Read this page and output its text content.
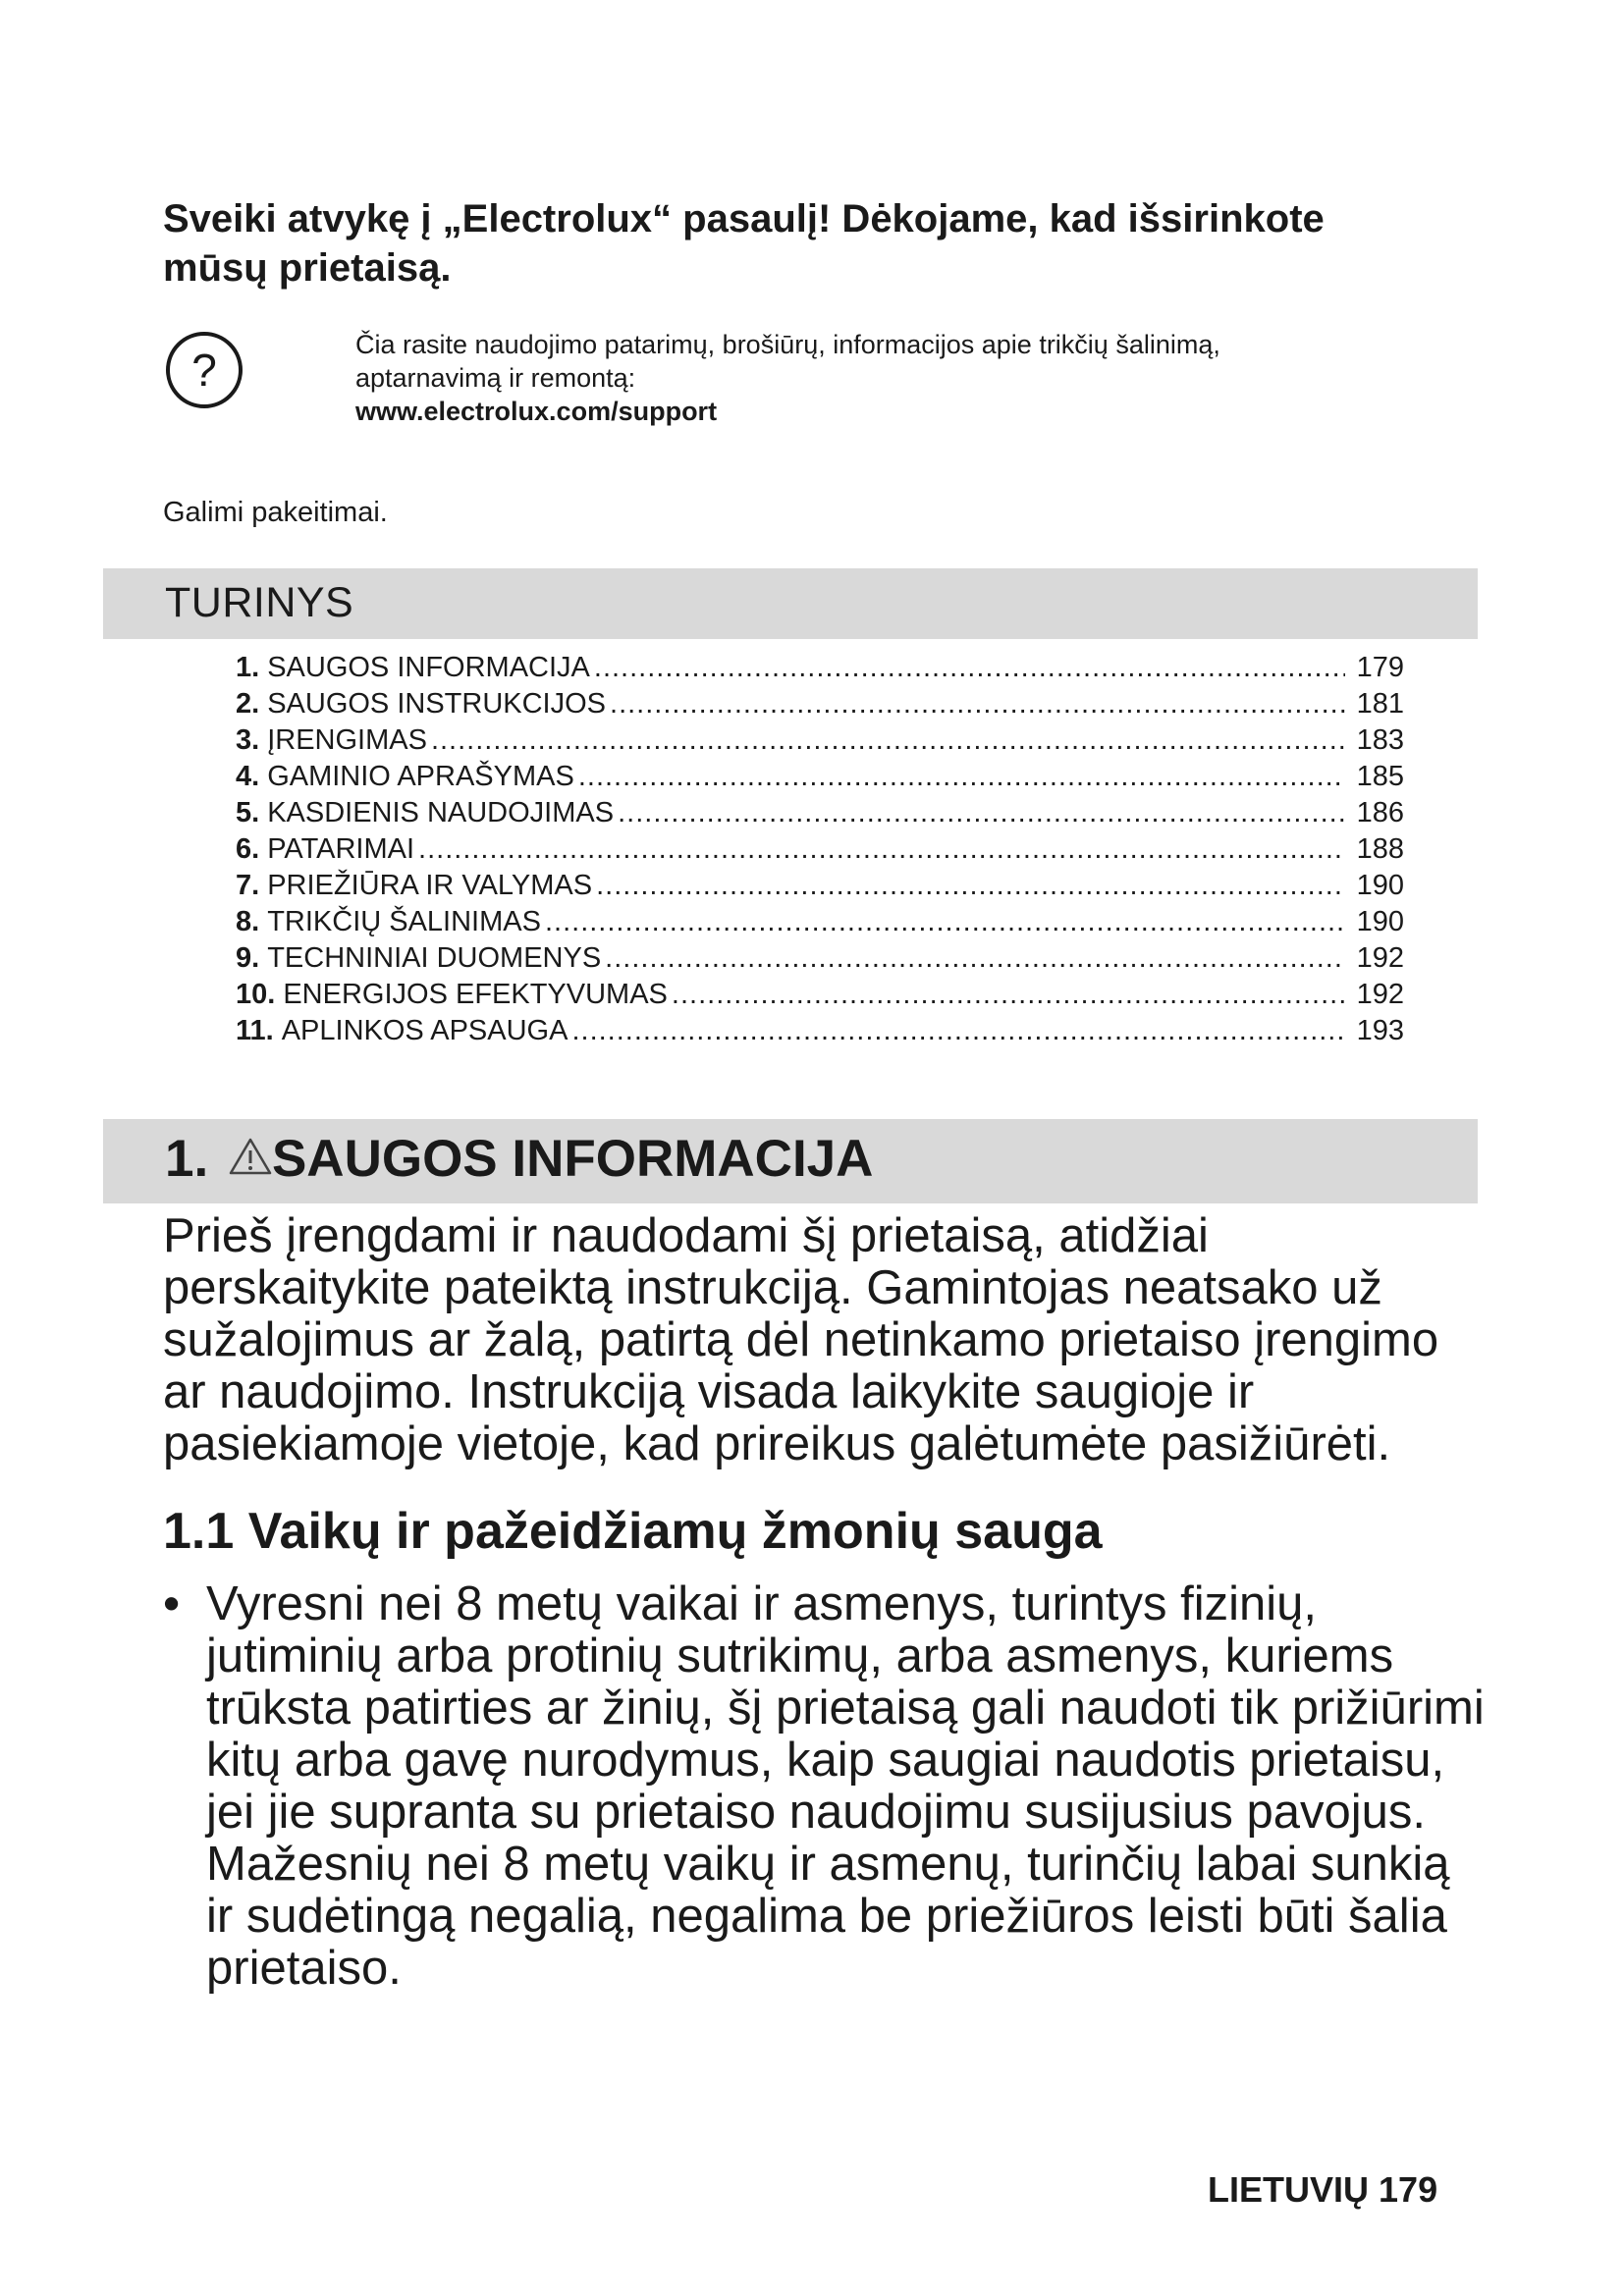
Sveiki atvykę į „Electrolux“ pasaulį! Dėkojame, kad išsirinkote
mūsų prietaisą.
?	Čia rasite naudojimo patarimų, brošiūrų, informacijos apie trikčių šalinimą,
aptarnavimą ir remontą:
www.electrolux.com/support
Galimi pakeitimai.
TURINYS
1. SAUGOS INFORMACIJA .....	179
2. SAUGOS INSTRUKCIJOS .....	181
3. ĮRENGIMAS .....	183
4. GAMINIO APRAŠYMAS .....	185
5. KASDIENIS NAUDOJIMAS .....	186
6. PATARIMAI .....	188
7. PRIEŽIŪRA IR VALYMAS .....	190
8. TRIKČIŲ ŠALINIMAS .....	190
9. TECHNINIAI DUOMENYS .....	192
10. ENERGIJOS EFEKTYVUMAS .....	192
11. APLINKOS APSAUGA .....	193
1. SAUGOS INFORMACIJA

Prieš įrengdami ir naudodami šį prietaisą, atidžiai
perskaitykite pateiktą instrukciją. Gamintojas neatsako už
sužalojimus ar žalą, patirtą dėl netinkamo prietaiso įrengimo
ar naudojimo. Instrukciją visada laikykite saugioje ir
pasiekiamoje vietoje, kad prireikus galėtumėte pasižiūrėti.

1.1 Vaikų ir pažeidžiamų žmonių sauga
• Vyresni nei 8 metų vaikai ir asmenys, turintys fizinių,
jutiminių arba protinių sutrikimų, arba asmenys, kuriems
trūksta patirties ar žinių, šį prietaisą gali naudoti tik prižiūrimi
kitų arba gavę nurodymus, kaip saugiai naudotis prietaisu,
jei jie supranta su prietaiso naudojimu susijusius pavojus.
Mažesnių nei 8 metų vaikų ir asmenų, turinčių labai sunkią
ir sudėtingą negalią, negalima be priežiūros leisti būti šalia
prietaiso.

LIETUVIŲ 179
